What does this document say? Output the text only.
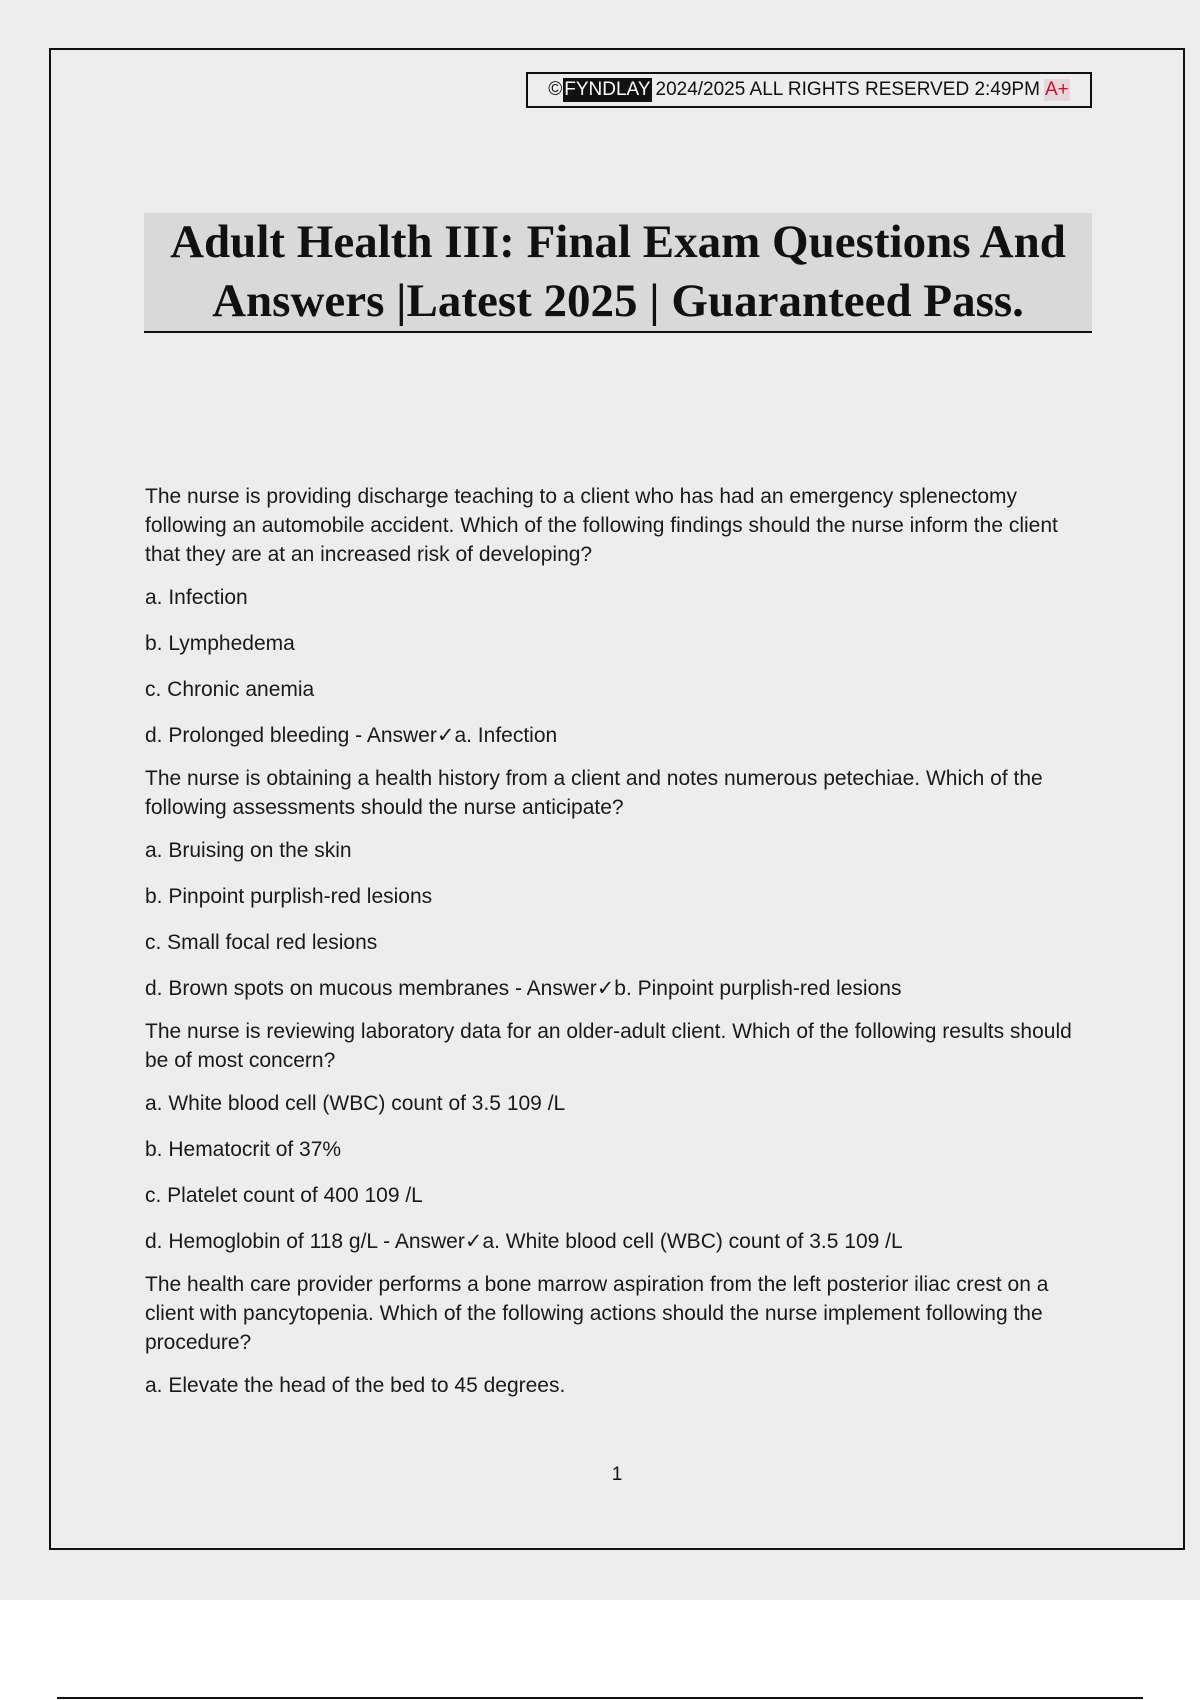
© FYNDLAY 2024/2025 ALL RIGHTS RESERVED 2:49PM A+
Adult Health III: Final Exam Questions And
Answers |Latest 2025 | Guaranteed Pass.

The nurse is providing discharge teaching to a client who has had an emergency splenectomy following an automobile accident. Which of the following findings should the nurse inform the client that they are at an increased risk of developing?

a. Infection

b. Lymphedema

c. Chronic anemia

d. Prolonged bleeding - Answer✓a. Infection

The nurse is obtaining a health history from a client and notes numerous petechiae. Which of the following assessments should the nurse anticipate?

a. Bruising on the skin

b. Pinpoint purplish-red lesions

c. Small focal red lesions

d. Brown spots on mucous membranes - Answer✓b. Pinpoint purplish-red lesions

The nurse is reviewing laboratory data for an older-adult client. Which of the following results should be of most concern?

a. White blood cell (WBC) count of 3.5 109 /L

b. Hematocrit of 37%

c. Platelet count of 400 109 /L

d. Hemoglobin of 118 g/L - Answer✓a. White blood cell (WBC) count of 3.5 109 /L

The health care provider performs a bone marrow aspiration from the left posterior iliac crest on a client with pancytopenia. Which of the following actions should the nurse implement following the procedure?

a. Elevate the head of the bed to 45 degrees.

1
